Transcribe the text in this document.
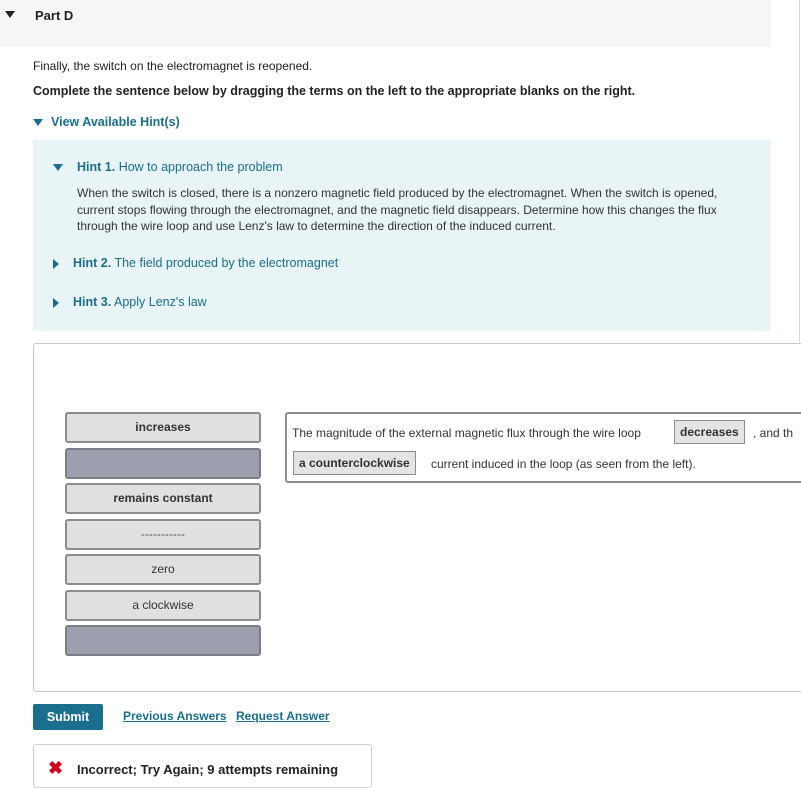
Part D
Finally, the switch on the electromagnet is reopened.
Complete the sentence below by dragging the terms on the left to the appropriate blanks on the right.
View Available Hint(s)
Hint 1. How to approach the problem
When the switch is closed, there is a nonzero magnetic field produced by the electromagnet. When the switch is opened, current stops flowing through the electromagnet, and the magnetic field disappears. Determine how this changes the flux through the wire loop and use Lenz's law to determine the direction of the induced current.
Hint 2. The field produced by the electromagnet
Hint 3. Apply Lenz's law
increases
remains constant
-----------
zero
a clockwise
The magnitude of the external magnetic flux through the wire loop	decreases	, and th
a counterclockwise	current induced in the loop (as seen from the left).
Submit	Previous Answers Request Answer
✖ Incorrect; Try Again; 9 attempts remaining
